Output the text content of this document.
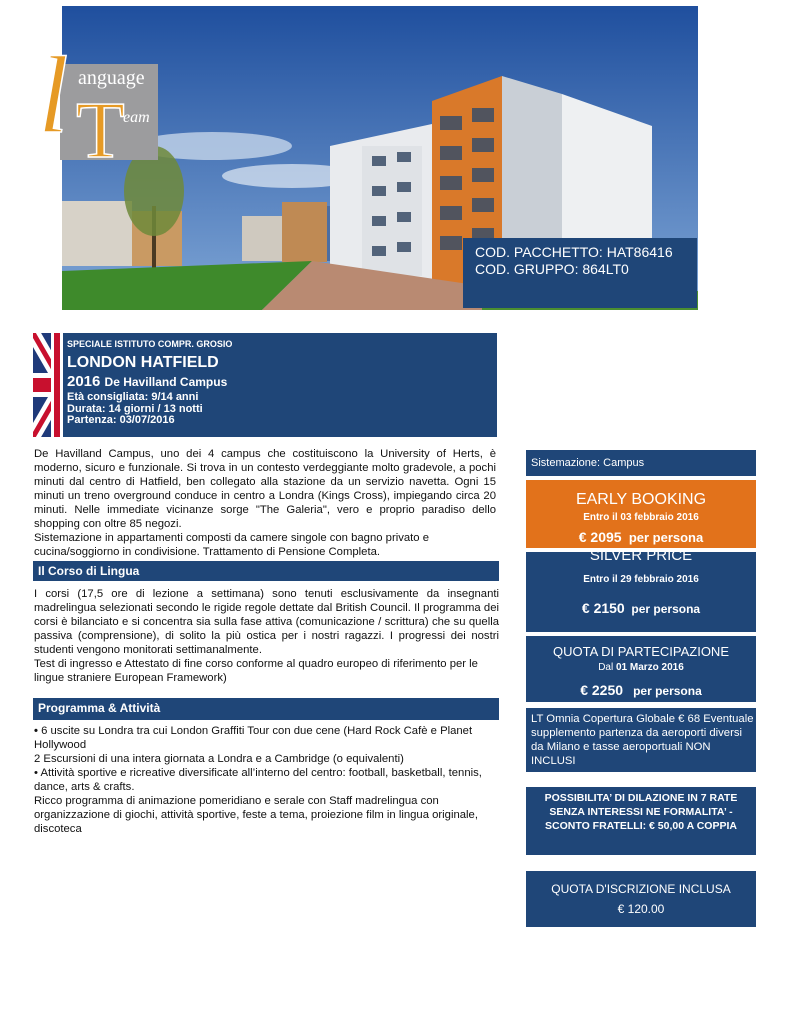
l anguage
T
eam
COD. PACCHETTO: HAT86416
COD. GRUPPO: 864LT0
SPECIALE ISTITUTO COMPR. GROSIO
LONDON HATFIELD
2016 De Havilland Campus
Età consigliata: 9/14 anni
Durata: 14 giorni / 13 notti
Partenza: 03/07/2016

De Havilland Campus, uno dei 4 campus che costituiscono la University of Herts, è moderno, sicuro e funzionale. Si trova in un contesto verdeggiante molto gradevole, a pochi minuti dal centro di Hatfield, ben collegato alla stazione da un servizio navetta. Ogni 15 minuti un treno overground conduce in centro a Londra (Kings Cross), impiegando circa 20 minuti. Nelle immediate vicinanze sorge "The Galeria", vero e proprio paradiso dello shopping con oltre 85 negozi.

Sistemazione in appartamenti composti da camere singole con bagno privato e cucina/soggiorno in condivisione. Trattamento di Pensione Completa.

Il Corso di Lingua

I corsi (17,5 ore di lezione a settimana) sono tenuti esclusivamente da insegnanti madrelingua selezionati secondo le rigide regole dettate dal British Council. Il programma dei corsi è bilanciato e si concentra sia sulla fase attiva (comunicazione / scrittura) che su quella passiva (comprensione), di solito la più ostica per i nostri ragazzi. I progressi dei nostri studenti vengono monitorati settimanalmente.

Test di ingresso e Attestato di fine corso conforme al quadro europeo di riferimento per le lingue straniere European Framework)

Programma & Attività

• 6 uscite su Londra tra cui London Graffiti Tour con due cene (Hard Rock Cafè e Planet Hollywood

2 Escursioni di una intera giornata a Londra e a Cambridge (o equivalenti)

• Attività sportive e ricreative diversificate all’interno del centro: football, basketball, tennis, dance, arts & crafts.

Ricco programma di animazione pomeridiano e serale con Staff madrelingua con

organizzazione di giochi, attività sportive, feste a tema, proiezione film in lingua originale, discoteca

Sistemazione: Campus
EARLY BOOKING
Entro il 03 febbraio 2016
€ 2095 per persona
SILVER PRICE
Entro il 29 febbraio 2016
€ 2150 per persona
QUOTA DI PARTECIPAZIONE
Dal 01 Marzo 2016
€ 2250 per persona
LT Omnia Copertura Globale € 68 Eventuale supplemento partenza da aeroporti diversi da Milano e tasse aeroportuali NON INCLUSI
POSSIBILITA’ DI DILAZIONE IN 7 RATE SENZA INTERESSI NE FORMALITA’ - SCONTO FRATELLI: € 50,00 A COPPIA
QUOTA D'ISCRIZIONE INCLUSA
€ 120.00
